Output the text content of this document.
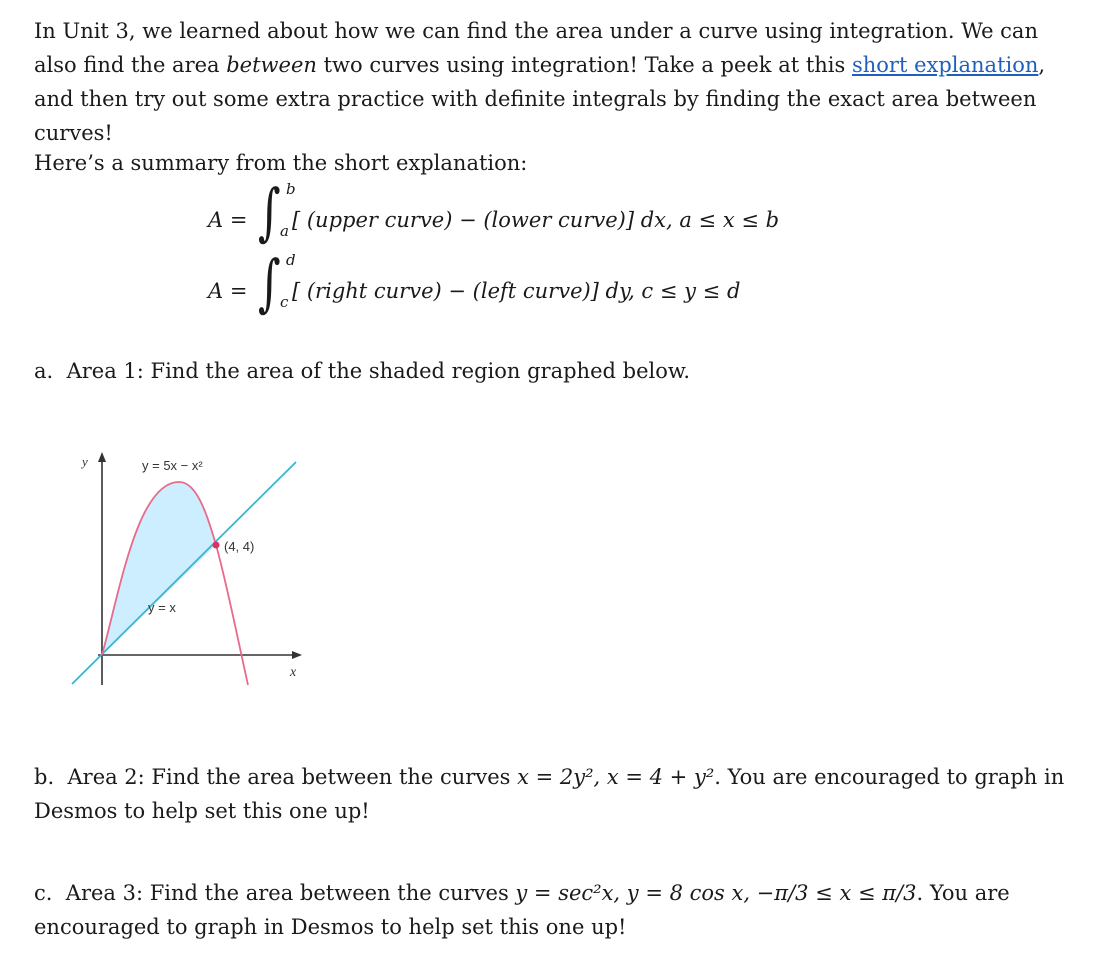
In Unit 3, we learned about how we can find the area under a curve using integration. We can also find the area between two curves using integration! Take a peek at this short explanation, and then try out some extra practice with definite integrals by finding the exact area between curves!

Here’s a summary from the short explanation:

A = ∫ b
a [ (upper curve) − (lower curve)] dx, a ≤ x ≤ b
A = ∫ d
c [ (right curve) − (left curve)] dy, c ≤ y ≤ d

a. Area 1: Find the area of the shaded region graphed below.

y
x
y = 5x − x²
y = x
(4, 4)

b. Area 2: Find the area between the curves x = 2y², x = 4 + y². You are encouraged to graph in Desmos to help set this one up!

c. Area 3: Find the area between the curves y = sec²x, y = 8 cos x, −π/3 ≤ x ≤ π/3. You are encouraged to graph in Desmos to help set this one up!
